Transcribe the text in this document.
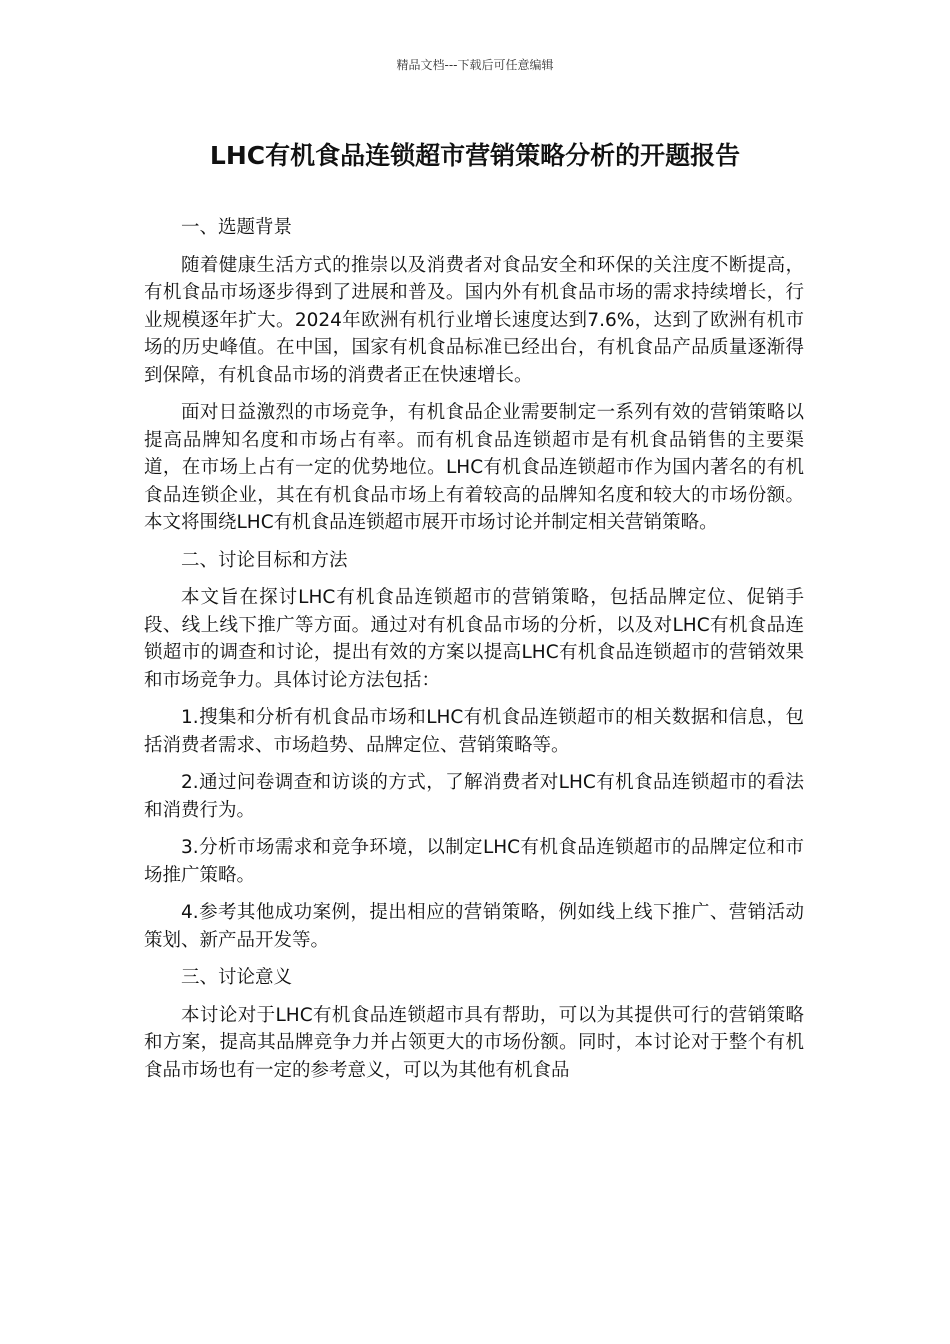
精品文档---下载后可任意编辑
LHC有机食品连锁超市营销策略分析的开题报告

一、选题背景

随着健康生活方式的推崇以及消费者对食品安全和环保的关注度不断提高，有机食品市场逐步得到了进展和普及。国内外有机食品市场的需求持续增长，行业规模逐年扩大。2024年欧洲有机行业增长速度达到7.6%，达到了欧洲有机市场的历史峰值。在中国，国家有机食品标准已经出台，有机食品产品质量逐渐得到保障，有机食品市场的消费者正在快速增长。

面对日益激烈的市场竞争，有机食品企业需要制定一系列有效的营销策略以提高品牌知名度和市场占有率。而有机食品连锁超市是有机食品销售的主要渠道，在市场上占有一定的优势地位。LHC有机食品连锁超市作为国内著名的有机食品连锁企业，其在有机食品市场上有着较高的品牌知名度和较大的市场份额。本文将围绕LHC有机食品连锁超市展开市场讨论并制定相关营销策略。

二、讨论目标和方法

本文旨在探讨LHC有机食品连锁超市的营销策略，包括品牌定位、促销手段、线上线下推广等方面。通过对有机食品市场的分析，以及对LHC有机食品连锁超市的调查和讨论，提出有效的方案以提高LHC有机食品连锁超市的营销效果和市场竞争力。具体讨论方法包括：

1.搜集和分析有机食品市场和LHC有机食品连锁超市的相关数据和信息，包括消费者需求、市场趋势、品牌定位、营销策略等。

2.通过问卷调查和访谈的方式，了解消费者对LHC有机食品连锁超市的看法和消费行为。

3.分析市场需求和竞争环境，以制定LHC有机食品连锁超市的品牌定位和市场推广策略。

4.参考其他成功案例，提出相应的营销策略，例如线上线下推广、营销活动策划、新产品开发等。

三、讨论意义

本讨论对于LHC有机食品连锁超市具有帮助，可以为其提供可行的营销策略和方案，提高其品牌竞争力并占领更大的市场份额。同时，本讨论对于整个有机食品市场也有一定的参考意义，可以为其他有机食品
